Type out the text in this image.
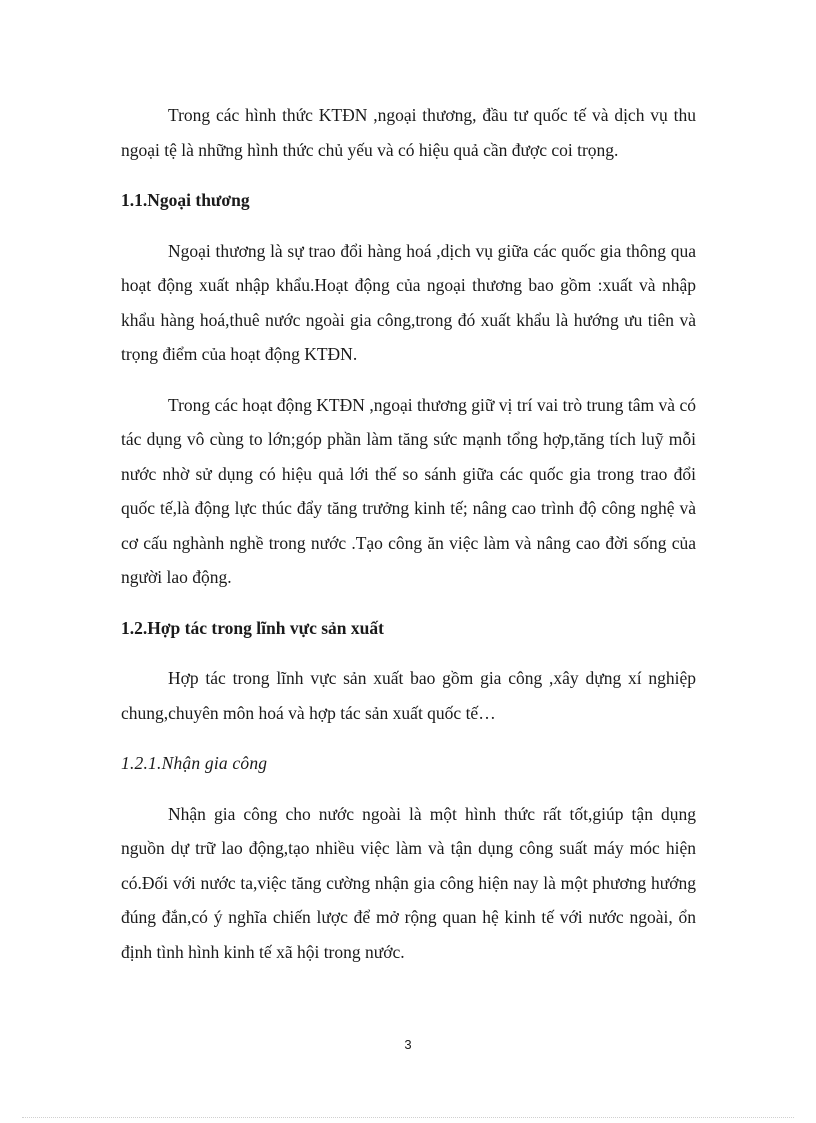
Trong các hình thức KTĐN ,ngoại thương, đầu tư quốc tế và dịch vụ thu ngoại tệ là những hình thức chủ yếu và có hiệu quả cần được coi trọng.

1.1.Ngoại thương

Ngoại thương là sự trao đổi hàng hoá ,dịch vụ giữa các quốc gia thông qua hoạt động xuất nhập khẩu.Hoạt động của ngoại thương bao gồm :xuất và nhập khẩu hàng hoá,thuê nước ngoài gia công,trong đó xuất khẩu là hướng ưu tiên và trọng điểm của hoạt động KTĐN.

Trong các hoạt động KTĐN ,ngoại thương giữ vị trí vai trò trung tâm và có tác dụng vô cùng to lớn;góp phần làm tăng sức mạnh tổng hợp,tăng tích luỹ mỗi nước nhờ sử dụng có hiệu quả lới thế so sánh giữa các quốc gia trong trao đổi quốc tế,là động lực thúc đẩy tăng trưởng kinh tế; nâng cao trình độ công nghệ và cơ cấu nghành nghề trong nước .Tạo công ăn việc làm và nâng cao đời sống của người lao động.

1.2.Hợp tác trong lĩnh vực sản xuất

Hợp tác trong lĩnh vực sản xuất bao gồm gia công ,xây dựng xí nghiệp chung,chuyên môn hoá và hợp tác sản xuất quốc tế…

1.2.1.Nhận gia công

Nhận gia công cho nước ngoài là một hình thức rất tốt,giúp tận dụng nguồn dự trữ lao động,tạo nhiều việc làm và tận dụng công suất máy móc hiện có.Đối với nước ta,việc tăng cường nhận gia công hiện nay là một phương hướng đúng đắn,có ý nghĩa chiến lược để mở rộng quan hệ kinh tế với nước ngoài, ổn định tình hình kinh tế xã hội trong nước.

3
